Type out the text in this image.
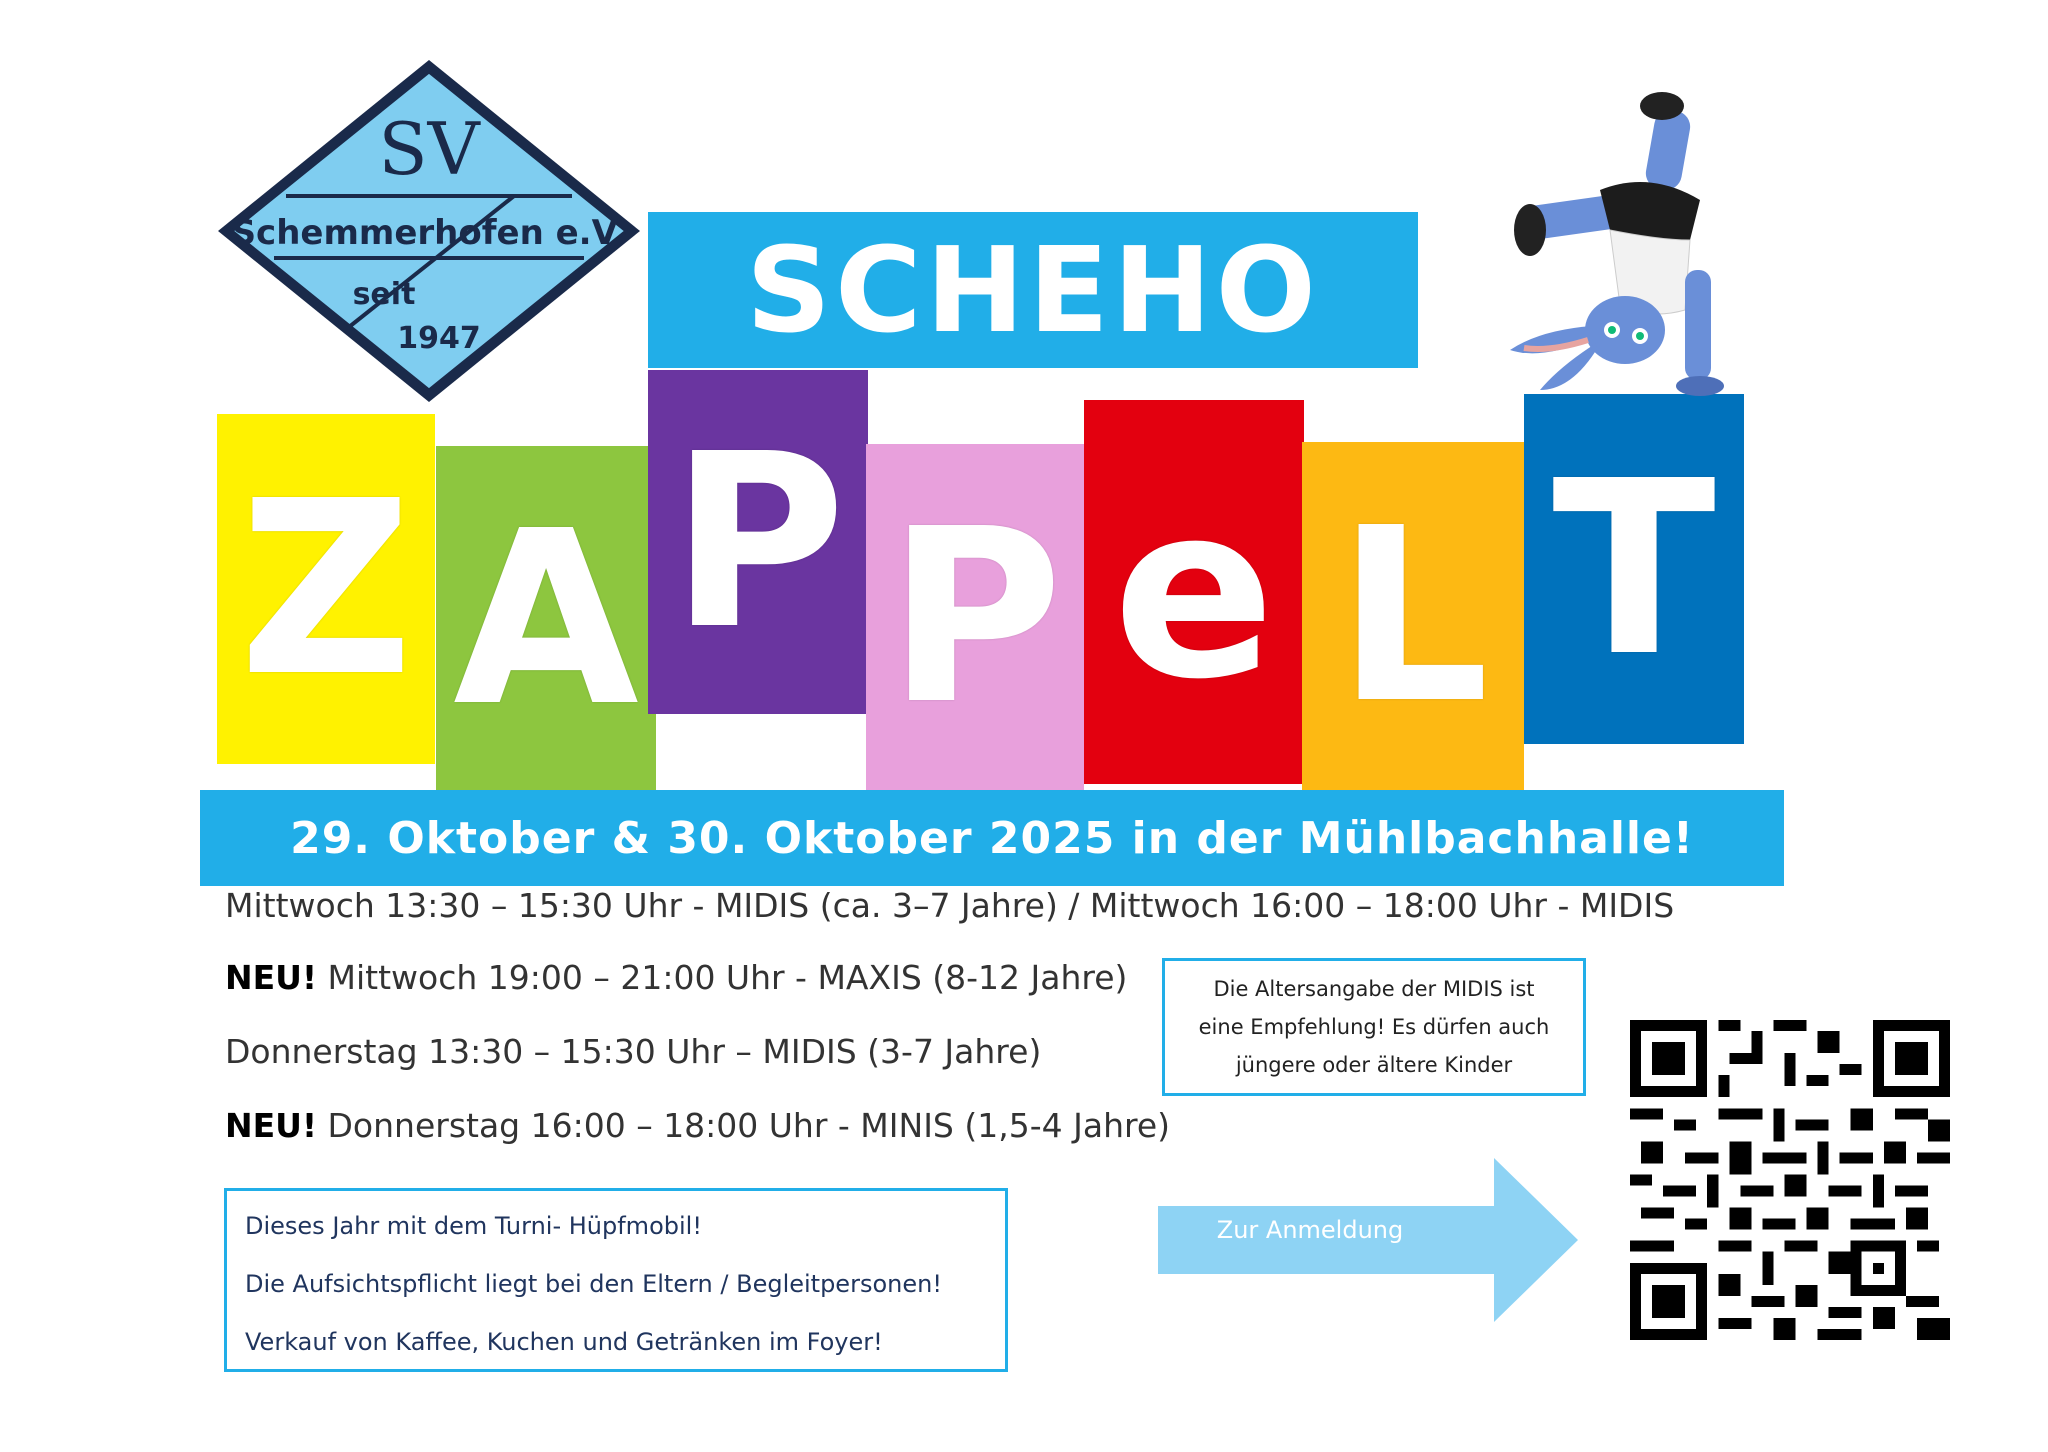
SV
Schemmerhofen e.V.
seit
1947 SCHEHO
Z A P P e L T
29. Oktober & 30. Oktober 2025 in der Mühlbachhalle!
Mittwoch 13:30 – 15:30 Uhr - MIDIS (ca. 3–7 Jahre) / Mittwoch 16:00 – 18:00 Uhr - MIDIS
NEU! Mittwoch 19:00 – 21:00 Uhr - MAXIS (8-12 Jahre)
Donnerstag 13:30 – 15:30 Uhr – MIDIS (3-7 Jahre)
NEU! Donnerstag 16:00 – 18:00 Uhr - MINIS (1,5-4 Jahre)
Die Altersangabe der MIDIS ist
eine Empfehlung! Es dürfen auch
jüngere oder ältere Kinder
Dieses Jahr mit dem Turni- Hüpfmobil!
Die Aufsichtspflicht liegt bei den Eltern / Begleitpersonen!
Verkauf von Kaffee, Kuchen und Getränken im Foyer!
Zur Anmeldung
